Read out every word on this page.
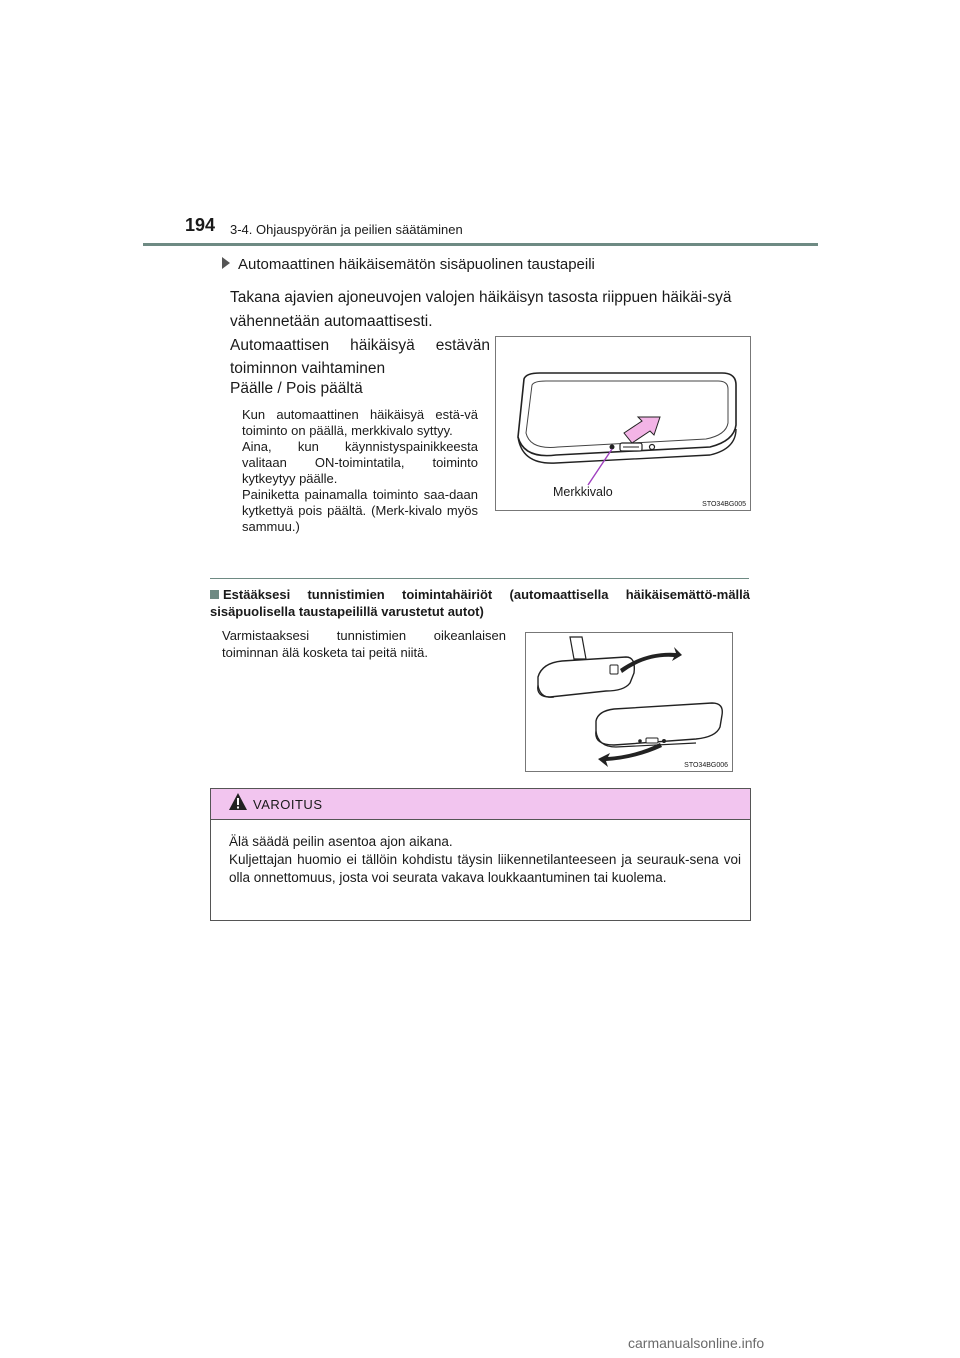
194 3-4. Ohjauspyörän ja peilien säätäminen
Automaattinen häikäisemätön sisäpuolinen taustapeili
Takana ajavien ajoneuvojen valojen häikäisyn tasosta riippuen häikäi-syä vähennetään automaattisesti.
Automaattisen häikäisyä estävän toiminnon vaihtaminen
Päälle / Pois päältä
Kun automaattinen häikäisyä estä-vä toiminto on päällä, merkkivalo syttyy.
Aina, kun käynnistyspainikkeesta valitaan ON-toimintatila, toiminto kytkeytyy päälle.
Painiketta painamalla toiminto saa-daan kytkettyä pois päältä. (Merk-kivalo myös sammuu.)
Merkkivalo
STO34BG005
Estääksesi tunnistimien toimintahäiriöt (automaattisella häikäisemättö-mällä sisäpuolisella taustapeilillä varustetut autot)
Varmistaaksesi tunnistimien oikeanlaisen toiminnan älä kosketa tai peitä niitä.
STO34BG006
VAROITUS
Älä säädä peilin asentoa ajon aikana.
Kuljettajan huomio ei tällöin kohdistu täysin liikennetilanteeseen ja seurauk-sena voi olla onnettomuus, josta voi seurata vakava loukkaantuminen tai kuolema.
carmanualsonline.info
